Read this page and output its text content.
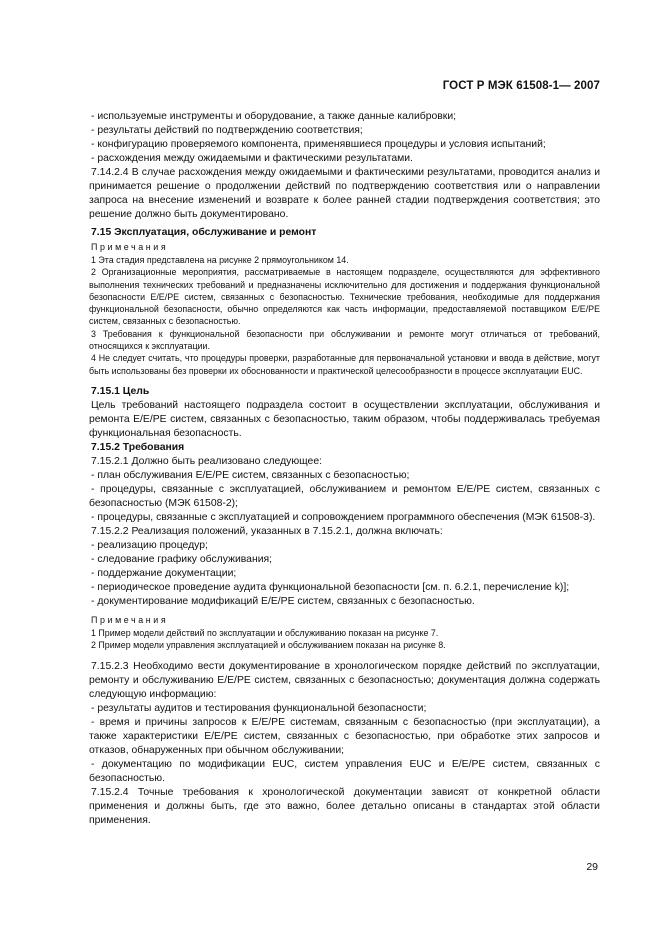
ГОСТ Р МЭК 61508-1— 2007

- используемые инструменты и оборудование, а также данные калибровки;

- результаты действий по подтверждению соответствия;

- конфигурацию проверяемого компонента, применявшиеся процедуры и условия испытаний;

- расхождения между ожидаемыми и фактическими результатами.

7.14.2.4 В случае расхождения между ожидаемыми и фактическими результатами, проводится анализ и принимается решение о продолжении действий по подтверждению соответствия или о направлении запроса на внесение изменений и возврате к более ранней стадии подтверждения соответствия; это решение должно быть документировано.

7.15 Эксплуатация, обслуживание и ремонт

Примечания

1 Эта стадия представлена на рисунке 2 прямоугольником 14.

2 Организационные мероприятия, рассматриваемые в настоящем подразделе, осуществляются для эффективного выполнения технических требований и предназначены исключительно для достижения и поддержания функциональной безопасности E/E/PE систем, связанных с безопасностью. Технические требования, необходимые для поддержания функциональной безопасности, обычно определяются как часть информации, предоставляемой поставщиком E/E/PE систем, связанных с безопасностью.

3 Требования к функциональной безопасности при обслуживании и ремонте могут отличаться от требований, относящихся к эксплуатации.

4 Не следует считать, что процедуры проверки, разработанные для первоначальной установки и ввода в действие, могут быть использованы без проверки их обоснованности и практической целесообразности в процессе эксплуатации EUC.

7.15.1 Цель

Цель требований настоящего подраздела состоит в осуществлении эксплуатации, обслуживания и ремонта E/E/PE систем, связанных с безопасностью, таким образом, чтобы поддерживалась требуемая функциональная безопасность.

7.15.2 Требования

7.15.2.1 Должно быть реализовано следующее:

- план обслуживания E/E/PE систем, связанных с безопасностью;

- процедуры, связанные с эксплуатацией, обслуживанием и ремонтом E/E/PE систем, связанных с безопасностью (МЭК 61508-2);

- процедуры, связанные с эксплуатацией и сопровождением программного обеспечения (МЭК 61508-3).

7.15.2.2 Реализация положений, указанных в 7.15.2.1, должна включать:

- реализацию процедур;

- следование графику обслуживания;

- поддержание документации;

- периодическое проведение аудита функциональной безопасности [см. п. 6.2.1, перечисление k)];

- документирование модификаций E/E/PE систем, связанных с безопасностью.

Примечания

1 Пример модели действий по эксплуатации и обслуживанию показан на рисунке 7.

2 Пример модели управления эксплуатацией и обслуживанием показан на рисунке 8.

7.15.2.3 Необходимо вести документирование в хронологическом порядке действий по эксплуатации, ремонту и обслуживанию E/E/PE систем, связанных с безопасностью; документация должна содержать следующую информацию:

- результаты аудитов и тестирования функциональной безопасности;

- время и причины запросов к E/E/PE системам, связанным с безопасностью (при эксплуатации), а также характеристики E/E/PE систем, связанных с безопасностью, при обработке этих запросов и отказов, обнаруженных при обычном обслуживании;

- документацию по модификации EUC, систем управления EUC и E/E/PE систем, связанных с безопасностью.

7.15.2.4 Точные требования к хронологической документации зависят от конкретной области применения и должны быть, где это важно, более детально описаны в стандартах этой области применения.

29
